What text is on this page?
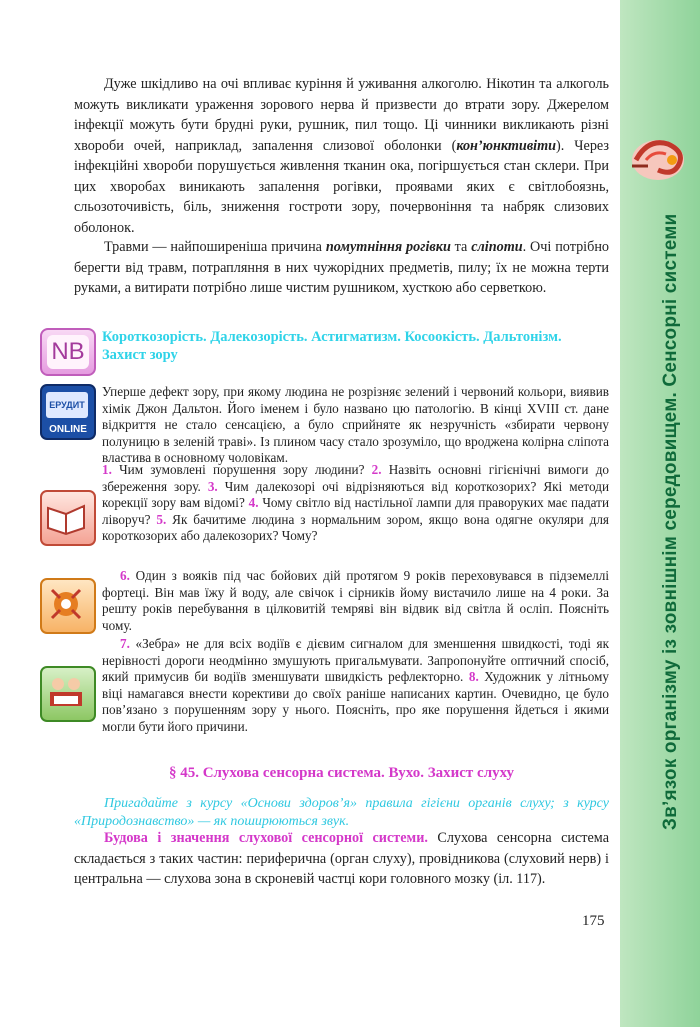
Зв’язок організму із зовнішнім середовищем. Сенсорні системи
Дуже шкідливо на очі впливає куріння й уживання алкоголю. Нікотин та алкоголь можуть викликати ураження зорового нерва й призвести до втрати зору. Джерелом інфекції можуть бути брудні руки, рушник, пил тощо. Ці чинники викликають різні хвороби очей, наприклад, запалення слизової оболонки (кон’юнктивіти). Через інфекційні хвороби порушується живлення тканин ока, погіршується стан склери. При цих хворобах виникають запалення рогівки, проявами яких є світлобоязнь, сльозоточивість, біль, зниження гостроти зору, почервоніння та набряк слизових оболонок.
Травми — найпоширеніша причина помутніння рогівки та сліпоти. Очі потрібно берегти від травм, потрапляння в них чужорідних предметів, пилу; їх не можна терти руками, а витирати потрібно лише чистим рушником, хусткою або серветкою.
NB
Короткозорість. Далекозорість. Астигматизм. Косоокість. Дальтонізм. Захист зору
ЕРУДИТ
ONLINE
Уперше дефект зору, при якому людина не розрізняє зелений і червоний кольори, виявив хімік Джон Дальтон. Його іменем і було названо цю патологію. В кінці XVIII ст. дане відкриття не стало сенсацією, а було сприйняте як незручність «збирати червону полуницю в зеленій траві». Із плином часу стало зрозуміло, що вроджена колірна сліпота властива в основному чоловікам.
1. Чим зумовлені порушення зору людини? 2. Назвіть основні гігієнічні вимоги до збереження зору. 3. Чим далекозорі очі відрізняються від короткозорих? Які методи корекції зору вам відомі? 4. Чому світло від настільної лампи для праворуких має падати ліворуч? 5. Як бачитиме людина з нормальним зором, якщо вона одягне окуляри для короткозорих або далекозорих? Чому?
6. Один з вояків під час бойових дій протягом 9 років переховувався в підземеллі фортеці. Він мав їжу й воду, але свічок і сірників йому вистачило лише на 4 роки. За решту років перебування в цілковитій темряві він відвик від світла й осліп. Поясніть чому.
7. «Зебра» не для всіх водіїв є дієвим сигналом для зменшення швидкості, тоді як нерівності дороги неодмінно змушують пригальмувати. Запропонуйте оптичний спосіб, який примусив би водіїв зменшувати швидкість рефлекторно. 8. Художник у літньому віці намагався внести корективи до своїх раніше написаних картин. Очевидно, це було пов’язано з порушенням зору у нього. Поясніть, про яке порушення йдеться і якими могли бути його причини.
§ 45. Слухова сенсорна система. Вухо. Захист слуху
Пригадайте з курсу «Основи здоров’я» правила гігієни органів слуху; з курсу «Природознавство» — як поширюються звук.
Будова і значення слухової сенсорної системи. Слухова сенсорна система складається з таких частин: периферична (орган слуху), провідникова (слуховий нерв) і центральна — слухова зона в скроневій частці кори головного мозку (іл. 117).
175
